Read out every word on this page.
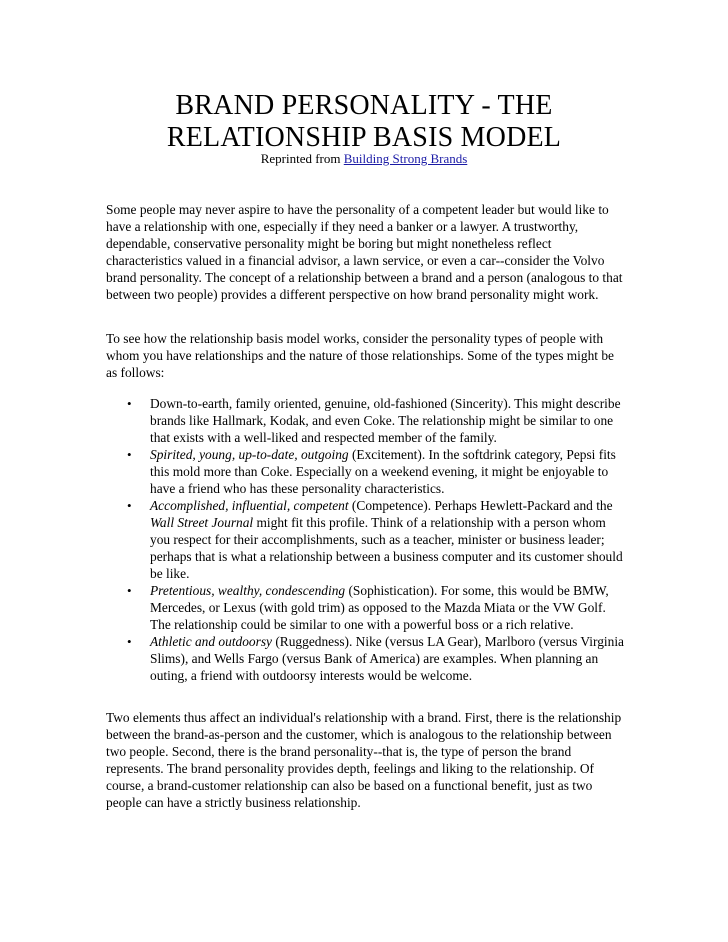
BRAND PERSONALITY - THE
RELATIONSHIP BASIS MODEL
Reprinted from Building Strong Brands

Some people may never aspire to have the personality of a competent leader but would like to have a relationship with one, especially if they need a banker or a lawyer. A trustworthy, dependable, conservative personality might be boring but might nonetheless reflect characteristics valued in a financial advisor, a lawn service, or even a car--consider the Volvo brand personality. The concept of a relationship between a brand and a person (analogous to that between two people) provides a different perspective on how brand personality might work.

To see how the relationship basis model works, consider the personality types of people with whom you have relationships and the nature of those relationships. Some of the types might be as follows:

• Down-to-earth, family oriented, genuine, old-fashioned (Sincerity). This might describe brands like Hallmark, Kodak, and even Coke. The relationship might be similar to one that exists with a well-liked and respected member of the family.
• Spirited, young, up-to-date, outgoing (Excitement). In the softdrink category, Pepsi fits this mold more than Coke. Especially on a weekend evening, it might be enjoyable to have a friend who has these personality characteristics.
• Accomplished, influential, competent (Competence). Perhaps Hewlett-Packard and the Wall Street Journal might fit this profile. Think of a relationship with a person whom you respect for their accomplishments, such as a teacher, minister or business leader; perhaps that is what a relationship between a business computer and its customer should be like.
• Pretentious, wealthy, condescending (Sophistication). For some, this would be BMW, Mercedes, or Lexus (with gold trim) as opposed to the Mazda Miata or the VW Golf. The relationship could be similar to one with a powerful boss or a rich relative.
• Athletic and outdoorsy (Ruggedness). Nike (versus LA Gear), Marlboro (versus Virginia Slims), and Wells Fargo (versus Bank of America) are examples. When planning an outing, a friend with outdoorsy interests would be welcome.

Two elements thus affect an individual's relationship with a brand. First, there is the relationship between the brand-as-person and the customer, which is analogous to the relationship between two people. Second, there is the brand personality--that is, the type of person the brand represents. The brand personality provides depth, feelings and liking to the relationship. Of course, a brand-customer relationship can also be based on a functional benefit, just as two people can have a strictly business relationship.
